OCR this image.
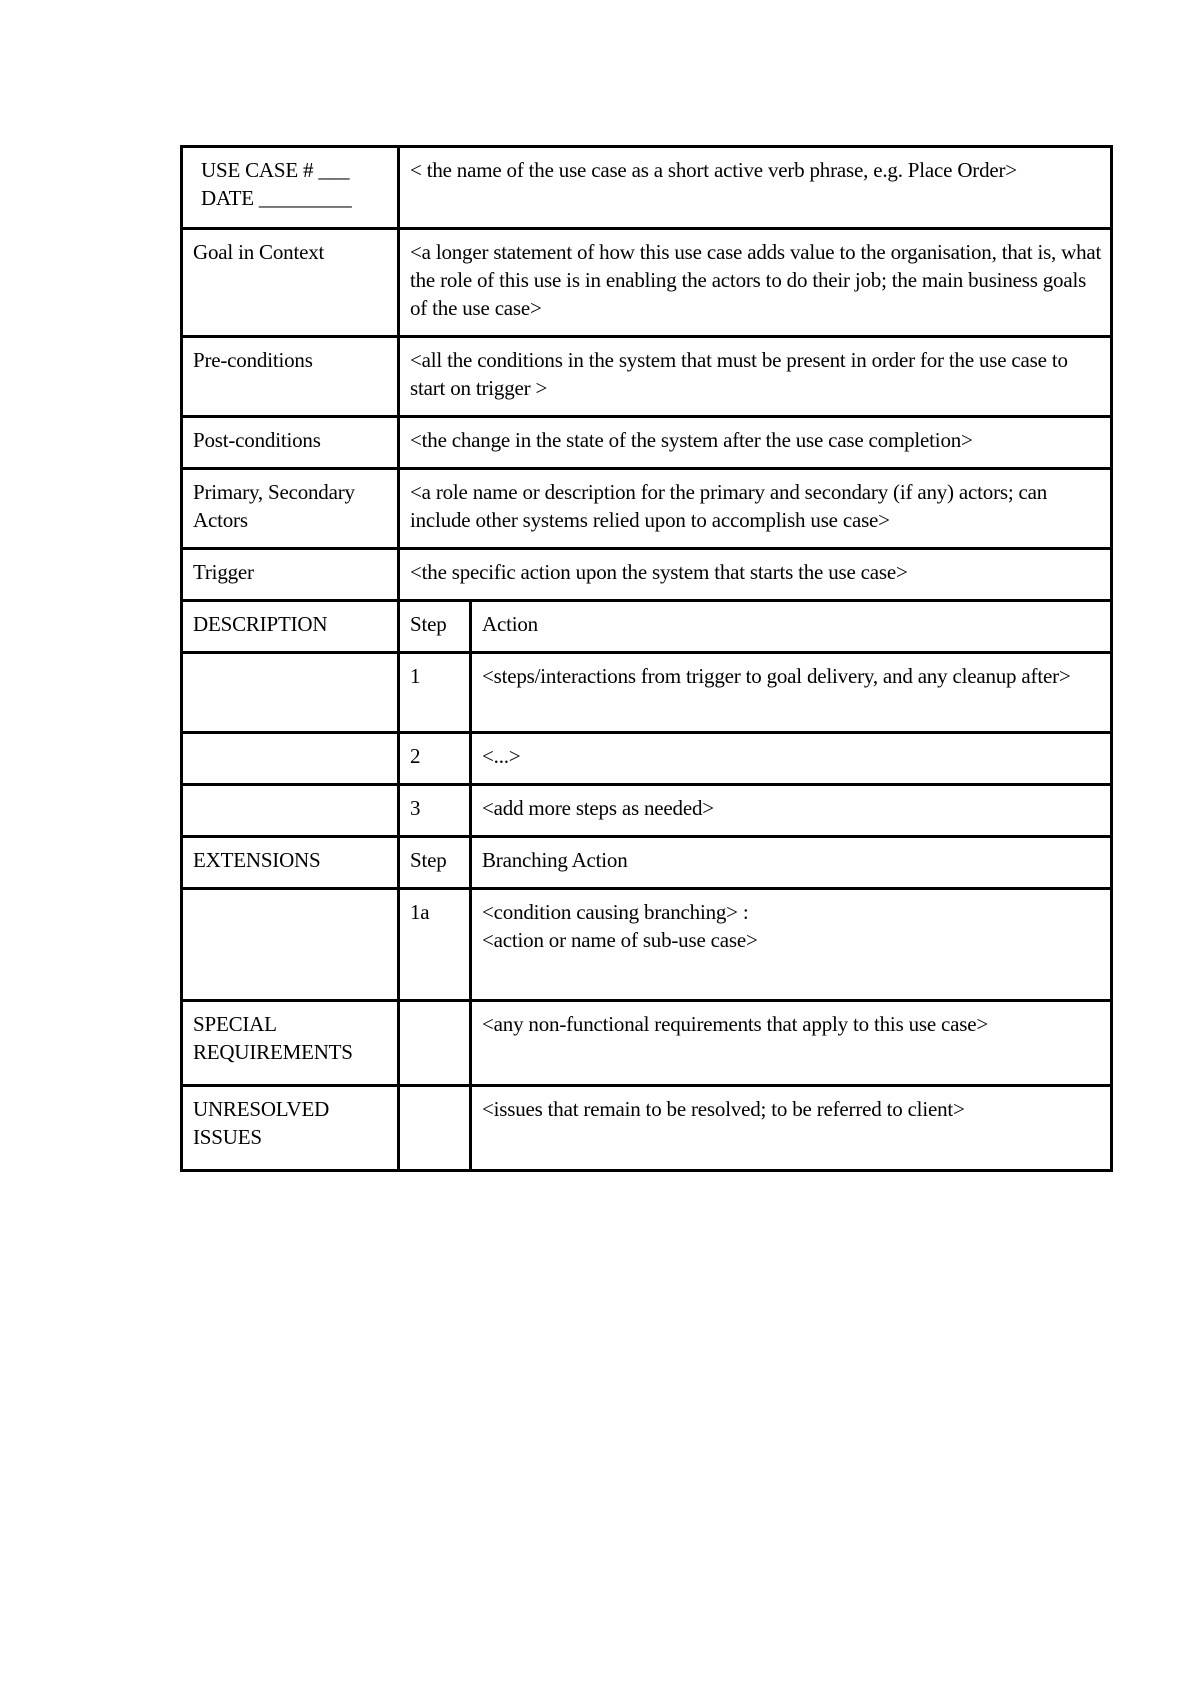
USE CASE # ___
DATE _________	< the name of the use case as a short active verb phrase, e.g. Place Order>	
Goal in Context	<a longer statement of how this use case adds value to the organisation, that is, what the role of this use is in enabling the actors to do their job; the main business goals of the use case>	
Pre-conditions	<all the conditions in the system that must be present in order for the use case to start on trigger >	
Post-conditions	<the change in the state of the system after the use case completion>	
Primary, Secondary Actors	<a role name or description for the primary and secondary (if any) actors; can include other systems relied upon to accomplish use case>	
Trigger	<the specific action upon the system that starts the use case>	
DESCRIPTION	Step	Action
	1	<steps/interactions from trigger to goal delivery, and any cleanup after>
	2	<...>
	3	<add more steps as needed>
EXTENSIONS	Step	Branching Action
	1a	<condition causing branching> :
<action or name of sub-use case>

SPECIAL
REQUIREMENTS		<any non-functional requirements that apply to this use case>

UNRESOLVED
ISSUES		<issues that remain to be resolved; to be referred to client>
